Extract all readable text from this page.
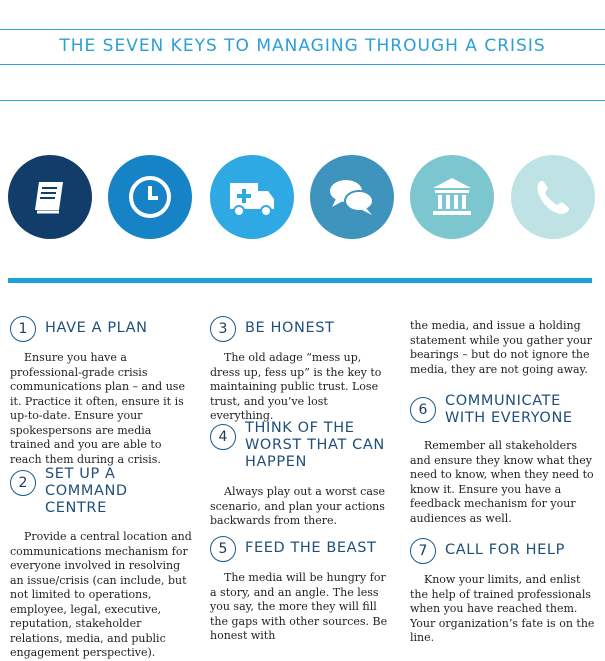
THE SEVEN KEYS TO MANAGING THROUGH A CRISIS
1	HAVE A PLAN

Ensure you have a professional-grade crisis communications plan – and use it. Practice it often, ensure it is up-to-date. Ensure your spokespersons are media trained and you are able to reach them during a crisis.

2
SET UP A COMMAND CENTRE

Provide a central location and communications mechanism for everyone involved in resolving an issue/crisis (can include, but not limited to operations, employee, legal, executive, reputation, stakeholder relations, media, and public engagement perspective).

3	BE HONEST

The old adage “mess up, dress up, fess up” is the key to maintaining public trust. Lose trust, and you’ve lost everything.

4
THINK OF THE WORST THAT CAN HAPPEN

Always play out a worst case scenario, and plan your actions backwards from there.

5	FEED THE BEAST

The media will be hungry for a story, and an angle. The less you say, the more they will fill the gaps with other sources. Be honest with

the media, and issue a holding statement while you gather your bearings – but do not ignore the media, they are not going away.

6
COMMUNICATE WITH EVERYONE

Remember all stakeholders and ensure they know what they need to know, when they need to know it. Ensure you have a feedback mechanism for your audiences as well.

7	CALL FOR HELP

Know your limits, and enlist the help of trained professionals when you have reached them. Your organization’s fate is on the line.
